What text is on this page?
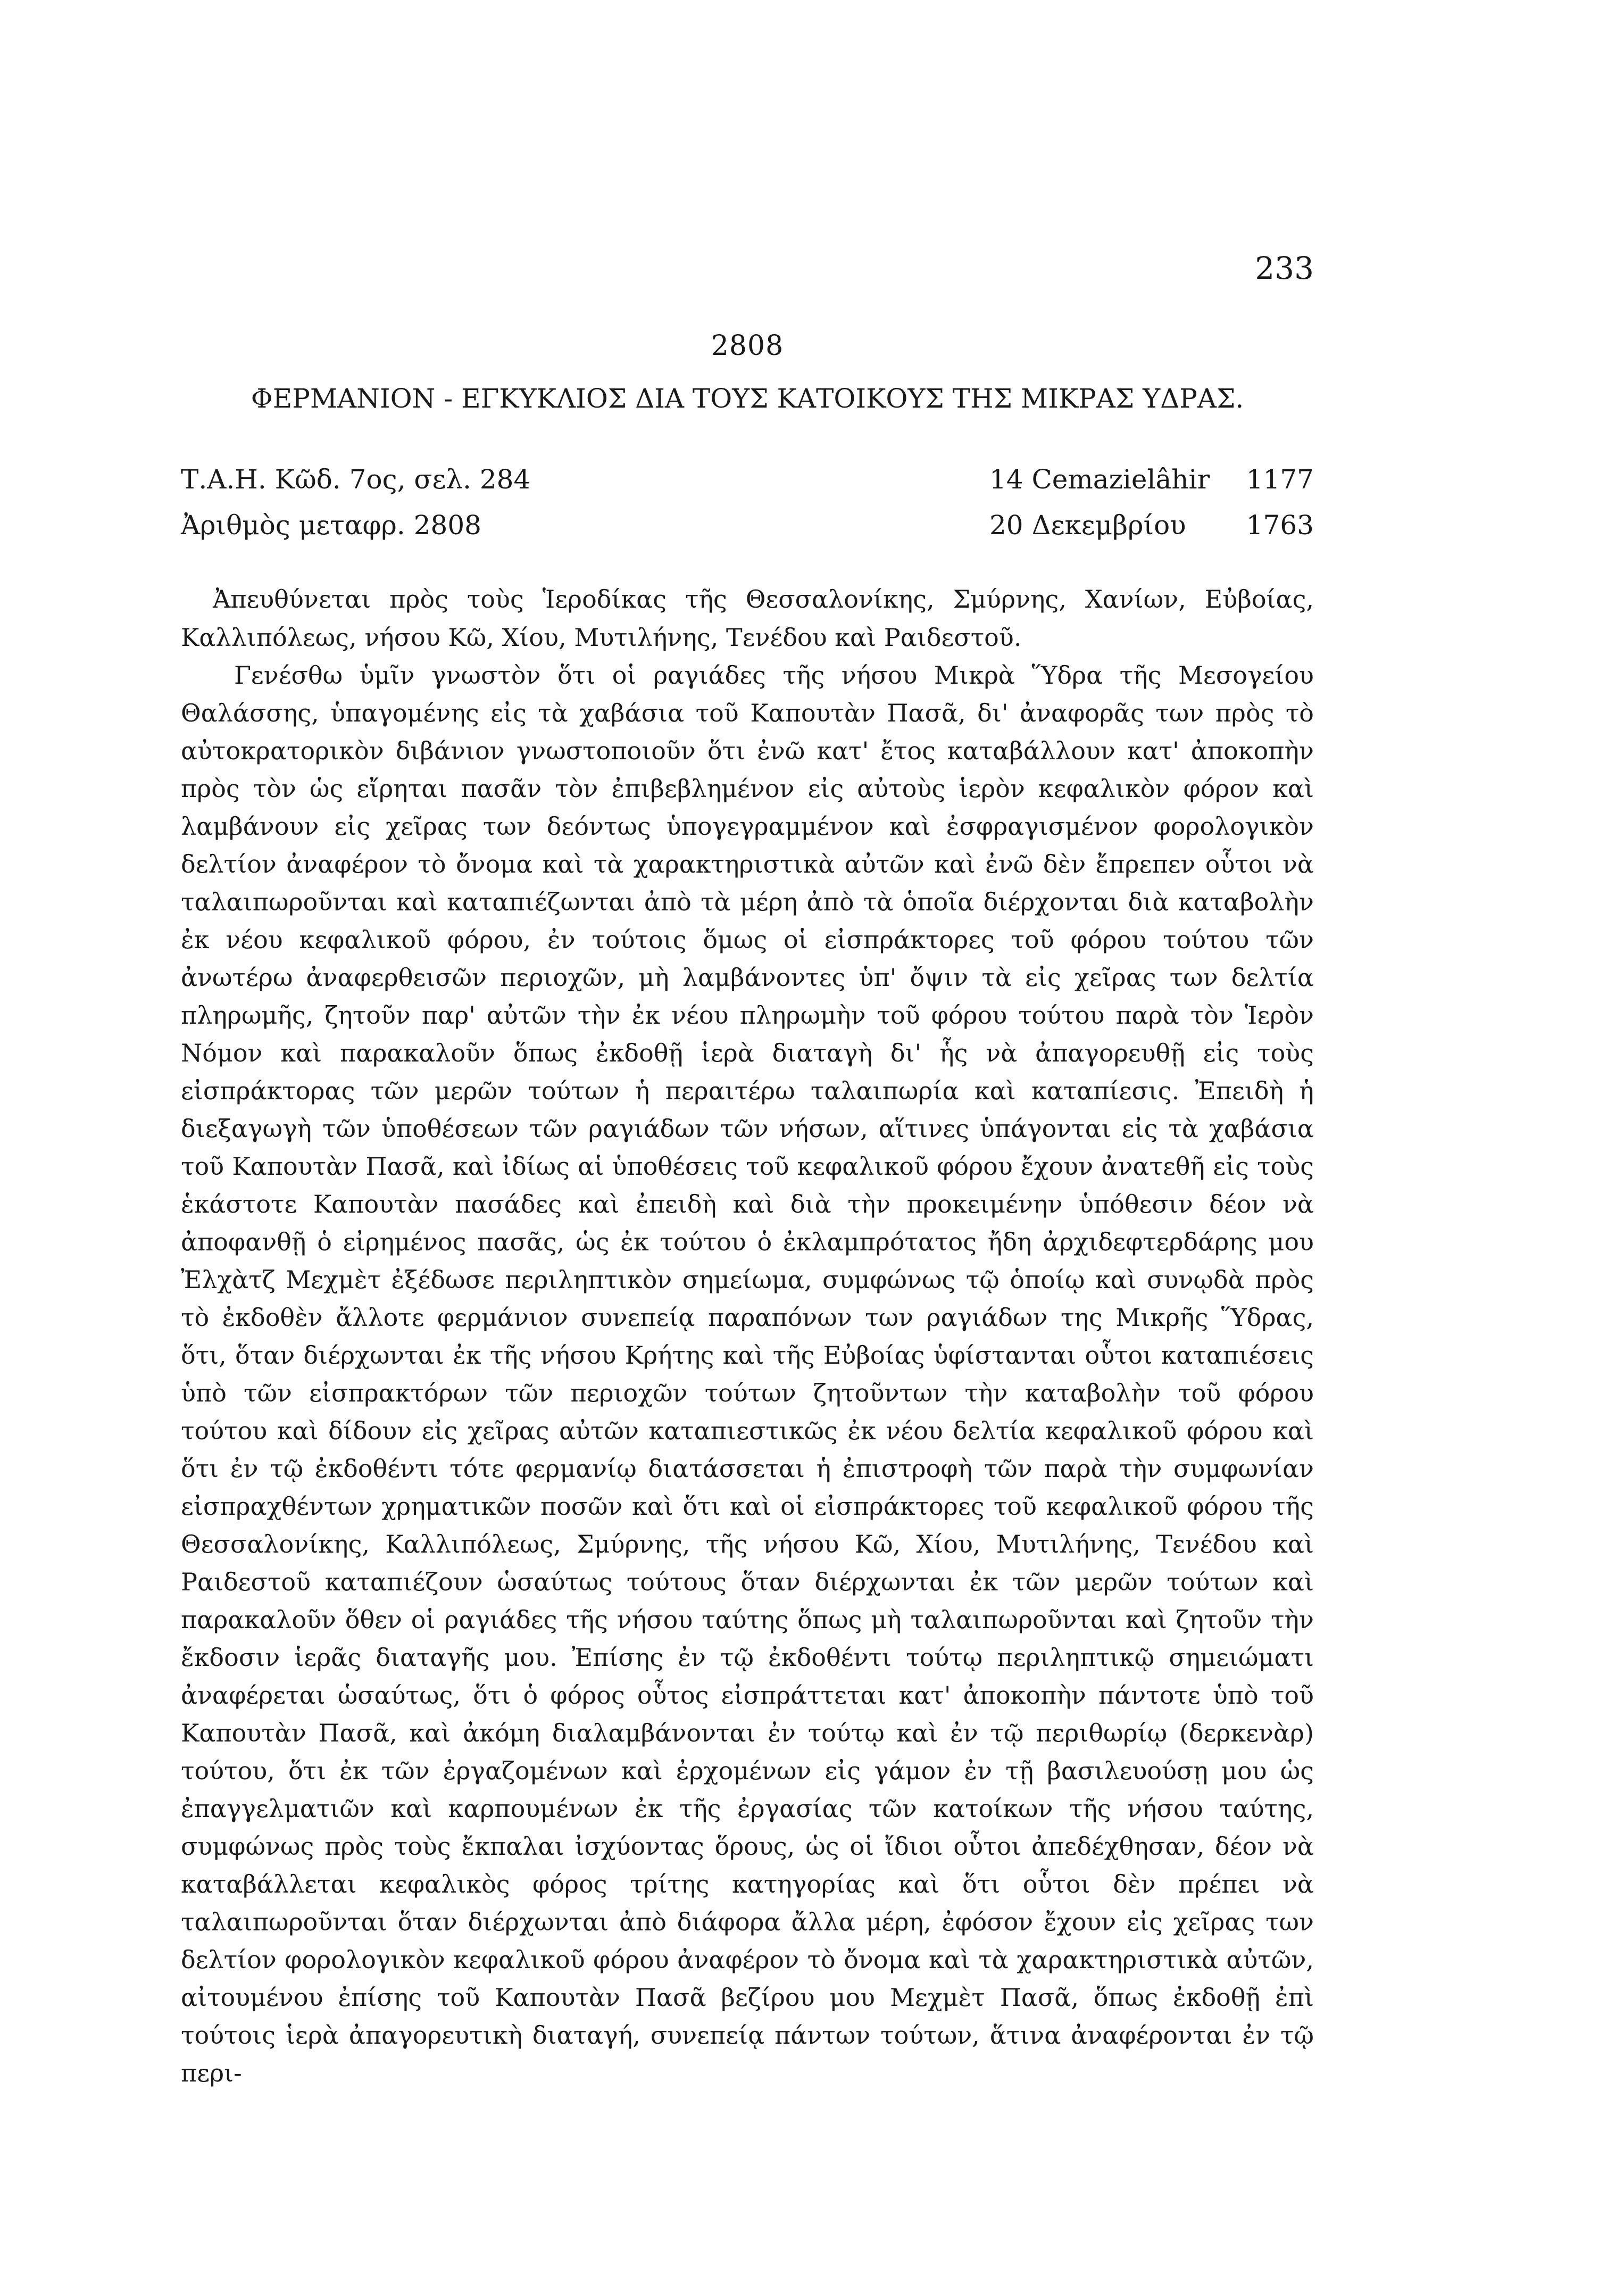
233
2808
ΦΕΡΜΑΝΙΟΝ - ΕΓΚΥΚΛΙΟΣ ΔΙΑ ΤΟΥΣ ΚΑΤΟΙΚΟΥΣ ΤΗΣ ΜΙΚΡΑΣ ΥΔΡΑΣ.
Τ.Α.Η. Κῶδ. 7ος, σελ. 284	14 Cemazielâhir	1177
Ἀριθμὸς μεταφρ. 2808	20 Δεκεμβρίου	1763
Ἀπευθύνεται πρὸς τοὺς Ἱεροδίκας τῆς Θεσσαλονίκης, Σμύρνης, Χανίων, Εὐβοίας, Καλλιπόλεως, νήσου Κῶ, Χίου, Μυτιλήνης, Τενέδου καὶ Ραιδεστοῦ.

Γενέσθω ὑμῖν γνωστὸν ὅτι οἱ ραγιάδες τῆς νήσου Μικρὰ Ὕδρα τῆς Μεσογείου Θαλάσσης, ὑπαγομένης εἰς τὰ χαβάσια τοῦ Καπουτὰν Πασᾶ, δι' ἀναφορᾶς των πρὸς τὸ αὐτοκρατορικὸν διβάνιον γνωστοποιοῦν ὅτι ἐνῶ κατ' ἔτος καταβάλλουν κατ' ἀποκοπὴν πρὸς τὸν ὡς εἴρηται πασᾶν τὸν ἐπιβεβλημένον εἰς αὐτοὺς ἱερὸν κεφαλικὸν φόρον καὶ λαμβάνουν εἰς χεῖρας των δεόντως ὑπογεγραμμένον καὶ ἐσφραγισμένον φορολογικὸν δελτίον ἀναφέρον τὸ ὄνομα καὶ τὰ χαρακτηριστικὰ αὐτῶν καὶ ἐνῶ δὲν ἔπρεπεν οὗτοι νὰ ταλαιπωροῦνται καὶ καταπιέζωνται ἀπὸ τὰ μέρη ἀπὸ τὰ ὁποῖα διέρχονται διὰ καταβολὴν ἐκ νέου κεφαλικοῦ φόρου, ἐν τούτοις ὅμως οἱ εἰσπράκτορες τοῦ φόρου τούτου τῶν ἀνωτέρω ἀναφερθεισῶν περιοχῶν, μὴ λαμβάνοντες ὑπ' ὄψιν τὰ εἰς χεῖρας των δελτία πληρωμῆς, ζητοῦν παρ' αὐτῶν τὴν ἐκ νέου πληρωμὴν τοῦ φόρου τούτου παρὰ τὸν Ἱερὸν Νόμον καὶ παρακαλοῦν ὅπως ἐκδοθῇ ἱερὰ διαταγὴ δι' ἧς νὰ ἀπαγορευθῇ εἰς τοὺς εἰσπράκτορας τῶν μερῶν τούτων ἡ περαιτέρω ταλαιπωρία καὶ καταπίεσις. Ἐπειδὴ ἡ διεξαγωγὴ τῶν ὑποθέσεων τῶν ραγιάδων τῶν νήσων, αἵτινες ὑπάγονται εἰς τὰ χαβάσια τοῦ Καπουτὰν Πασᾶ, καὶ ἰδίως αἱ ὑποθέσεις τοῦ κεφαλικοῦ φόρου ἔχουν ἀνατεθῆ εἰς τοὺς ἑκάστοτε Καπουτὰν πασάδες καὶ ἐπειδὴ καὶ διὰ τὴν προκειμένην ὑπόθεσιν δέον νὰ ἀποφανθῇ ὁ εἰρημένος πασᾶς, ὡς ἐκ τούτου ὁ ἐκλαμπρότατος ἤδη ἀρχιδεφτερδάρης μου Ἐλχὰτζ Μεχμὲτ ἐξέδωσε περιληπτικὸν σημείωμα, συμφώνως τῷ ὁποίῳ καὶ συνῳδὰ πρὸς τὸ ἐκδοθὲν ἄλλοτε φερμάνιον συνεπείᾳ παραπόνων των ραγιάδων της Μικρῆς Ὕδρας, ὅτι, ὅταν διέρχωνται ἐκ τῆς νήσου Κρήτης καὶ τῆς Εὐβοίας ὑφίστανται οὗτοι καταπιέσεις ὑπὸ τῶν εἰσπρακτόρων τῶν περιοχῶν τούτων ζητοῦντων τὴν καταβολὴν τοῦ φόρου τούτου καὶ δίδουν εἰς χεῖρας αὐτῶν καταπιεστικῶς ἐκ νέου δελτία κεφαλικοῦ φόρου καὶ ὅτι ἐν τῷ ἐκδοθέντι τότε φερμανίῳ διατάσσεται ἡ ἐπιστροφὴ τῶν παρὰ τὴν συμφωνίαν εἰσπραχθέντων χρηματικῶν ποσῶν καὶ ὅτι καὶ οἱ εἰσπράκτορες τοῦ κεφαλικοῦ φόρου τῆς Θεσσαλονίκης, Καλλιπόλεως, Σμύρνης, τῆς νήσου Κῶ, Χίου, Μυτιλήνης, Τενέδου καὶ Ραιδεστοῦ καταπιέζουν ὡσαύτως τούτους ὅταν διέρχωνται ἐκ τῶν μερῶν τούτων καὶ παρακαλοῦν ὅθεν οἱ ραγιάδες τῆς νήσου ταύτης ὅπως μὴ ταλαιπωροῦνται καὶ ζητοῦν τὴν ἔκδοσιν ἱερᾶς διαταγῆς μου. Ἐπίσης ἐν τῷ ἐκδοθέντι τούτῳ περιληπτικῷ σημειώματι ἀναφέρεται ὡσαύτως, ὅτι ὁ φόρος οὗτος εἰσπράττεται κατ' ἀποκοπὴν πάντοτε ὑπὸ τοῦ Καπουτὰν Πασᾶ, καὶ ἀκόμη διαλαμβάνονται ἐν τούτῳ καὶ ἐν τῷ περιθωρίῳ (δερκενὰρ) τούτου, ὅτι ἐκ τῶν ἐργαζομένων καὶ ἐρχομένων εἰς γάμον ἐν τῇ βασιλευούσῃ μου ὡς ἐπαγγελματιῶν καὶ καρπουμένων ἐκ τῆς ἐργασίας τῶν κατοίκων τῆς νήσου ταύτης, συμφώνως πρὸς τοὺς ἔκπαλαι ἰσχύοντας ὅρους, ὡς οἱ ἴδιοι οὗτοι ἀπεδέχθησαν, δέον νὰ καταβάλλεται κεφαλικὸς φόρος τρίτης κατηγορίας καὶ ὅτι οὗτοι δὲν πρέπει νὰ ταλαιπωροῦνται ὅταν διέρχωνται ἀπὸ διάφορα ἄλλα μέρη, ἐφόσον ἔχουν εἰς χεῖρας των δελτίον φορολογικὸν κεφαλικοῦ φόρου ἀναφέρον τὸ ὄνομα καὶ τὰ χαρακτηριστικὰ αὐτῶν, αἰτουμένου ἐπίσης τοῦ Καπουτὰν Πασᾶ βεζίρου μου Μεχμὲτ Πασᾶ, ὅπως ἐκδοθῇ ἐπὶ τούτοις ἱερὰ ἀπαγορευτικὴ διαταγή, συνεπείᾳ πάντων τούτων, ἅτινα ἀναφέρονται ἐν τῷ περι-
